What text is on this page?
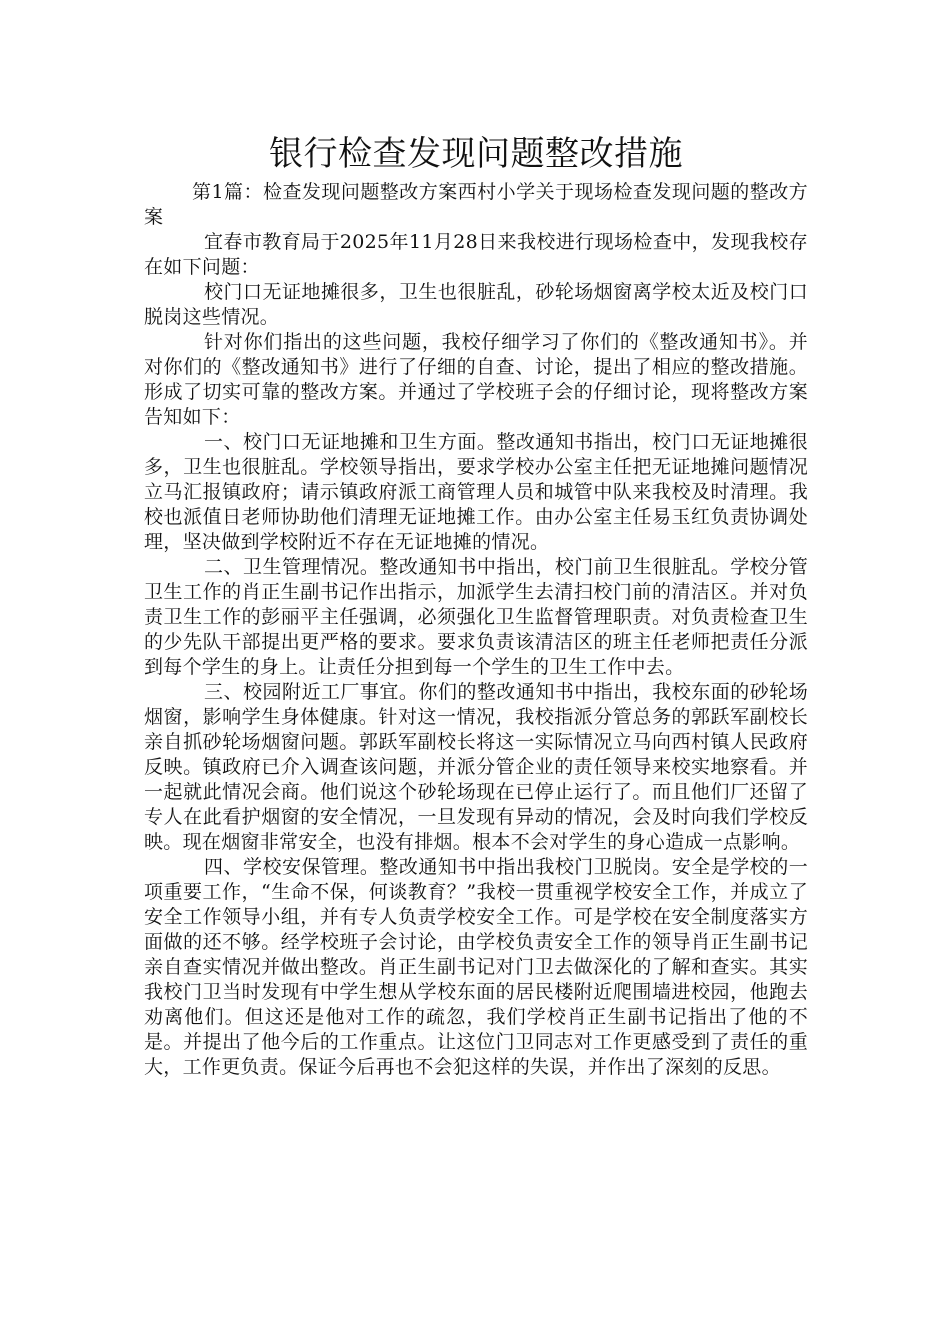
银行检查发现问题整改措施

第1篇：检查发现问题整改方案西村小学关于现场检查发现问题的整改方案

宜春市教育局于2025年11月28日来我校进行现场检查中，发现我校存在如下问题：

校门口无证地摊很多，卫生也很脏乱，砂轮场烟窗离学校太近及校门口脱岗这些情况。

针对你们指出的这些问题，我校仔细学习了你们的《整改通知书》。并对你们的《整改通知书》进行了仔细的自查、讨论，提出了相应的整改措施。形成了切实可靠的整改方案。并通过了学校班子会的仔细讨论，现将整改方案告知如下：

一、校门口无证地摊和卫生方面。整改通知书指出，校门口无证地摊很多，卫生也很脏乱。学校领导指出，要求学校办公室主任把无证地摊问题情况立马汇报镇政府；请示镇政府派工商管理人员和城管中队来我校及时清理。我校也派值日老师协助他们清理无证地摊工作。由办公室主任易玉红负责协调处理，坚决做到学校附近不存在无证地摊的情况。

二、卫生管理情况。整改通知书中指出，校门前卫生很脏乱。学校分管卫生工作的肖正生副书记作出指示，加派学生去清扫校门前的清洁区。并对负责卫生工作的彭丽平主任强调，必须强化卫生监督管理职责。对负责检查卫生的少先队干部提出更严格的要求。要求负责该清洁区的班主任老师把责任分派到每个学生的身上。让责任分担到每一个学生的卫生工作中去。

三、校园附近工厂事宜。你们的整改通知书中指出，我校东面的砂轮场烟窗，影响学生身体健康。针对这一情况，我校指派分管总务的郭跃军副校长亲自抓砂轮场烟窗问题。郭跃军副校长将这一实际情况立马向西村镇人民政府反映。镇政府已介入调查该问题，并派分管企业的责任领导来校实地察看。并一起就此情况会商。他们说这个砂轮场现在已停止运行了。而且他们厂还留了专人在此看护烟窗的安全情况，一旦发现有异动的情况，会及时向我们学校反映。现在烟窗非常安全，也没有排烟。根本不会对学生的身心造成一点影响。

四、学校安保管理。整改通知书中指出我校门卫脱岗。安全是学校的一项重要工作，“生命不保，何谈教育？”我校一贯重视学校安全工作，并成立了安全工作领导小组，并有专人负责学校安全工作。可是学校在安全制度落实方面做的还不够。经学校班子会讨论，由学校负责安全工作的领导肖正生副书记亲自查实情况并做出整改。肖正生副书记对门卫去做深化的了解和查实。其实我校门卫当时发现有中学生想从学校东面的居民楼附近爬围墙进校园，他跑去劝离他们。但这还是他对工作的疏忽，我们学校肖正生副书记指出了他的不是。并提出了他今后的工作重点。让这位门卫同志对工作更感受到了责任的重大，工作更负责。保证今后再也不会犯这样的失误，并作出了深刻的反思。
